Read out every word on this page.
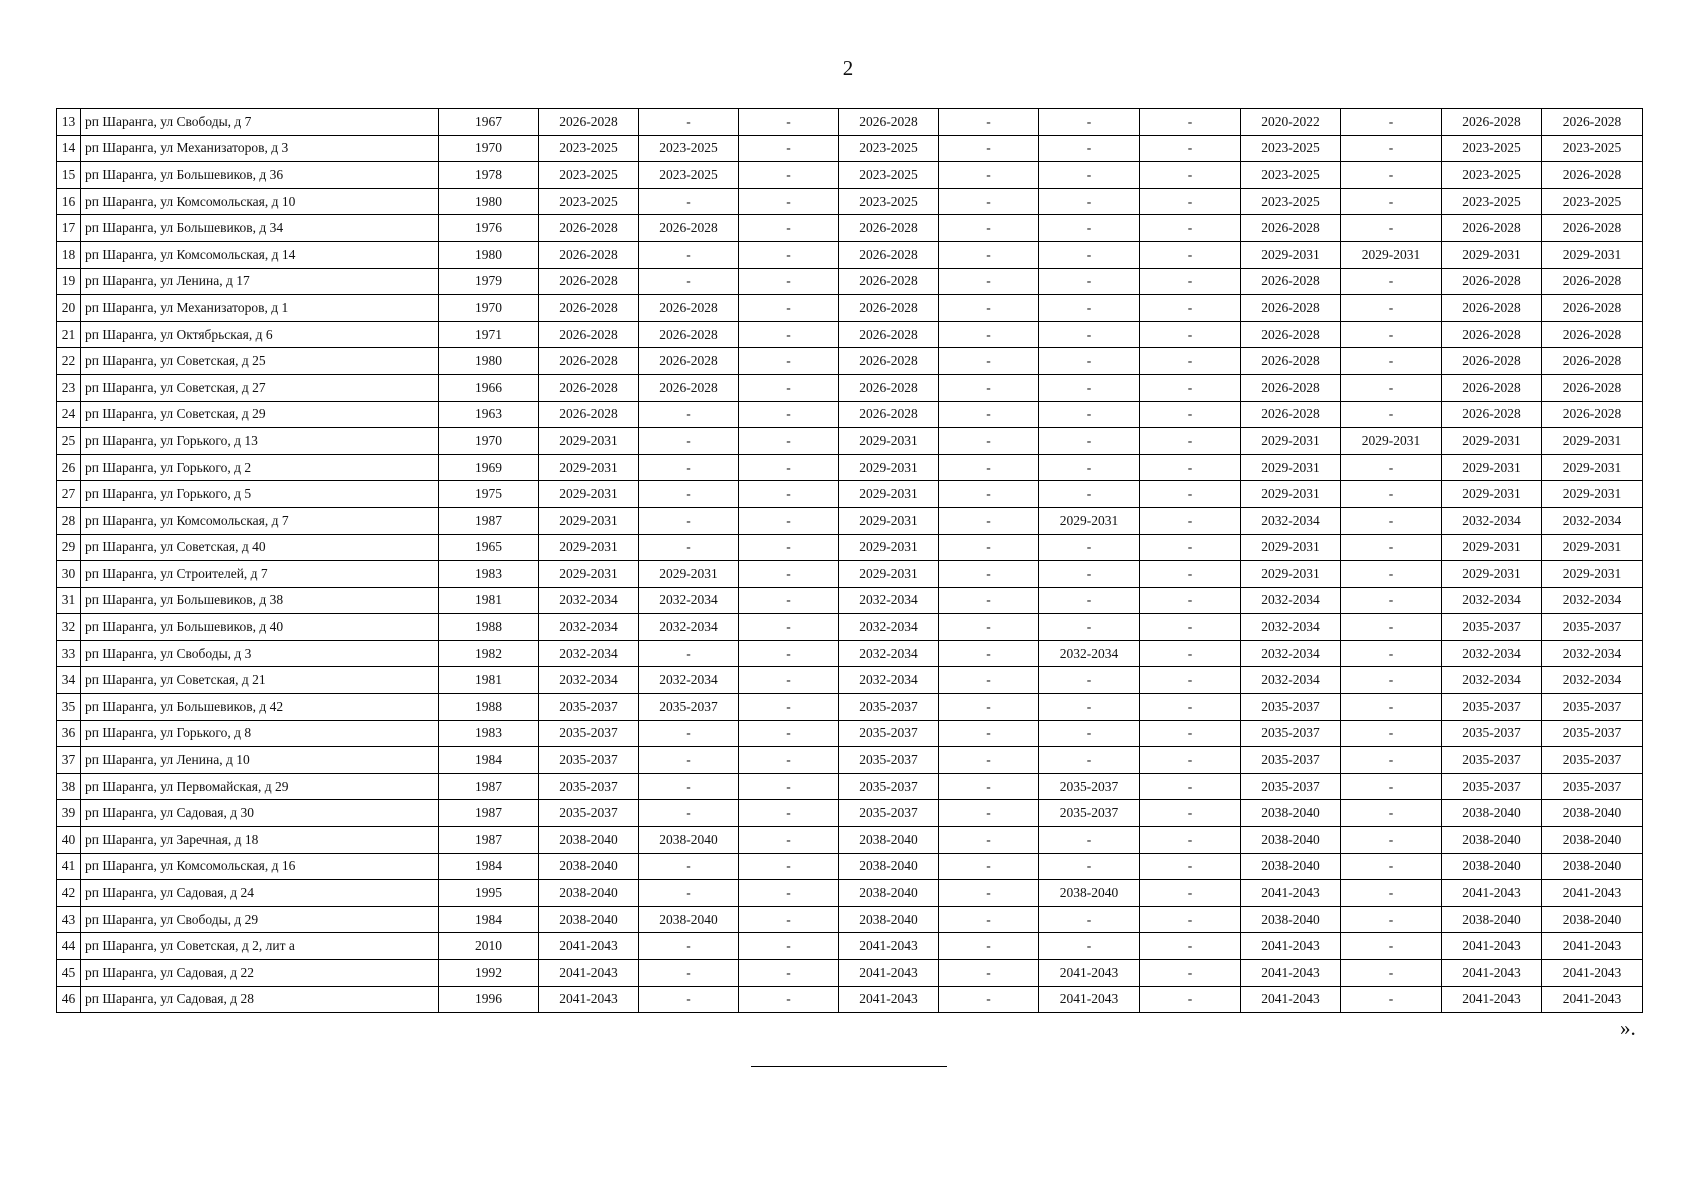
2
13	рп Шаранга, ул Свободы, д 7	1967	2026-2028	-	-	2026-2028	-	-	-	2020-2022	-	2026-2028	2026-2028
14	рп Шаранга, ул Механизаторов, д 3	1970	2023-2025	2023-2025	-	2023-2025	-	-	-	2023-2025	-	2023-2025	2023-2025
15	рп Шаранга, ул Большевиков, д 36	1978	2023-2025	2023-2025	-	2023-2025	-	-	-	2023-2025	-	2023-2025	2026-2028
16	рп Шаранга, ул Комсомольская, д 10	1980	2023-2025	-	-	2023-2025	-	-	-	2023-2025	-	2023-2025	2023-2025
17	рп Шаранга, ул Большевиков, д 34	1976	2026-2028	2026-2028	-	2026-2028	-	-	-	2026-2028	-	2026-2028	2026-2028
18	рп Шаранга, ул Комсомольская, д 14	1980	2026-2028	-	-	2026-2028	-	-	-	2029-2031	2029-2031	2029-2031	2029-2031
19	рп Шаранга, ул Ленина, д 17	1979	2026-2028	-	-	2026-2028	-	-	-	2026-2028	-	2026-2028	2026-2028
20	рп Шаранга, ул Механизаторов, д 1	1970	2026-2028	2026-2028	-	2026-2028	-	-	-	2026-2028	-	2026-2028	2026-2028
21	рп Шаранга, ул Октябрьская, д 6	1971	2026-2028	2026-2028	-	2026-2028	-	-	-	2026-2028	-	2026-2028	2026-2028
22	рп Шаранга, ул Советская, д 25	1980	2026-2028	2026-2028	-	2026-2028	-	-	-	2026-2028	-	2026-2028	2026-2028
23	рп Шаранга, ул Советская, д 27	1966	2026-2028	2026-2028	-	2026-2028	-	-	-	2026-2028	-	2026-2028	2026-2028
24	рп Шаранга, ул Советская, д 29	1963	2026-2028	-	-	2026-2028	-	-	-	2026-2028	-	2026-2028	2026-2028
25	рп Шаранга, ул Горького, д 13	1970	2029-2031	-	-	2029-2031	-	-	-	2029-2031	2029-2031	2029-2031	2029-2031
26	рп Шаранга, ул Горького, д 2	1969	2029-2031	-	-	2029-2031	-	-	-	2029-2031	-	2029-2031	2029-2031
27	рп Шаранга, ул Горького, д 5	1975	2029-2031	-	-	2029-2031	-	-	-	2029-2031	-	2029-2031	2029-2031
28	рп Шаранга, ул Комсомольская, д 7	1987	2029-2031	-	-	2029-2031	-	2029-2031	-	2032-2034	-	2032-2034	2032-2034
29	рп Шаранга, ул Советская, д 40	1965	2029-2031	-	-	2029-2031	-	-	-	2029-2031	-	2029-2031	2029-2031
30	рп Шаранга, ул Строителей, д 7	1983	2029-2031	2029-2031	-	2029-2031	-	-	-	2029-2031	-	2029-2031	2029-2031
31	рп Шаранга, ул Большевиков, д 38	1981	2032-2034	2032-2034	-	2032-2034	-	-	-	2032-2034	-	2032-2034	2032-2034
32	рп Шаранга, ул Большевиков, д 40	1988	2032-2034	2032-2034	-	2032-2034	-	-	-	2032-2034	-	2035-2037	2035-2037
33	рп Шаранга, ул Свободы, д 3	1982	2032-2034	-	-	2032-2034	-	2032-2034	-	2032-2034	-	2032-2034	2032-2034
34	рп Шаранга, ул Советская, д 21	1981	2032-2034	2032-2034	-	2032-2034	-	-	-	2032-2034	-	2032-2034	2032-2034
35	рп Шаранга, ул Большевиков, д 42	1988	2035-2037	2035-2037	-	2035-2037	-	-	-	2035-2037	-	2035-2037	2035-2037
36	рп Шаранга, ул Горького, д 8	1983	2035-2037	-	-	2035-2037	-	-	-	2035-2037	-	2035-2037	2035-2037
37	рп Шаранга, ул Ленина, д 10	1984	2035-2037	-	-	2035-2037	-	-	-	2035-2037	-	2035-2037	2035-2037
38	рп Шаранга, ул Первомайская, д 29	1987	2035-2037	-	-	2035-2037	-	2035-2037	-	2035-2037	-	2035-2037	2035-2037
39	рп Шаранга, ул Садовая, д 30	1987	2035-2037	-	-	2035-2037	-	2035-2037	-	2038-2040	-	2038-2040	2038-2040
40	рп Шаранга, ул Заречная, д 18	1987	2038-2040	2038-2040	-	2038-2040	-	-	-	2038-2040	-	2038-2040	2038-2040
41	рп Шаранга, ул Комсомольская, д 16	1984	2038-2040	-	-	2038-2040	-	-	-	2038-2040	-	2038-2040	2038-2040
42	рп Шаранга, ул Садовая, д 24	1995	2038-2040	-	-	2038-2040	-	2038-2040	-	2041-2043	-	2041-2043	2041-2043
43	рп Шаранга, ул Свободы, д 29	1984	2038-2040	2038-2040	-	2038-2040	-	-	-	2038-2040	-	2038-2040	2038-2040
44	рп Шаранга, ул Советская, д 2, лит а	2010	2041-2043	-	-	2041-2043	-	-	-	2041-2043	-	2041-2043	2041-2043
45	рп Шаранга, ул Садовая, д 22	1992	2041-2043	-	-	2041-2043	-	2041-2043	-	2041-2043	-	2041-2043	2041-2043
46	рп Шаранга, ул Садовая, д 28	1996	2041-2043	-	-	2041-2043	-	2041-2043	-	2041-2043	-	2041-2043	2041-2043
».
